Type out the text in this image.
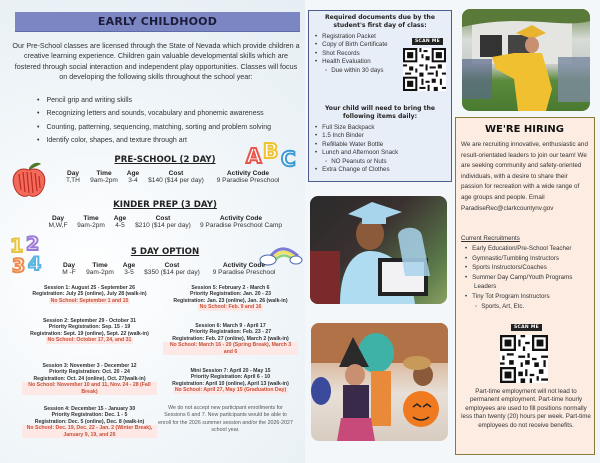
EARLY CHILDHOOD

Our Pre-School classes are licensed through the State of Nevada which provide children a creative learning experience. Children gain valuable developmental skills which are fostered through social interaction and independent play opportunities. Classes will focus on developing the following skills throughout the school year:

• Pencil grip and writing skills
• Recognizing letters and sounds, vocabulary and phonemic awareness
• Counting, patterning, sequencing, matching, sorting and problem solving
• Identify color, shapes, and texture through art
A B C
1 2
3 4
PRE-SCHOOL (2 DAY)
Day	Time	Age	Cost	Activity Code
T,TH	9am-2pm	3-4	$140 ($14 per day)	9 Paradise Preschool
KINDER PREP (3 DAY)
Day	Time	Age	Cost	Activity Code
M,W,F	9am-2pm	4-5	$210 ($14 per day)	9 Paradise Preschool Camp
5 DAY OPTION
Day	Time	Age	Cost	Activity Code
M -F	9am-2pm	3-5	$350 ($14 per day)	9 Paradise Preschool
Session 1: August 25 - September 26
Registration: July 25 (online), July 28 (walk-in)
No School: September 1 and 15
Session 2: September 29 - October 31
Priority Registration: Sep. 15 - 19
Registration: Sept. 19 (online), Sept. 22 (walk-in)
No School: October 17, 24, and 31
Session 3: November 3 - December 12
Priority Registration: Oct. 20 - 24
Registration: Oct. 24 (online), Oct. 27(walk-in)
No School: November 10 and 11, Nov. 24 - 28 (Fall Break)
Session 4: December 15 - January 30
Priority Registration: Dec. 1 - 5
Registration: Dec. 5 (online), Dec. 8 (walk-in)
No School: Dec. 19, Dec. 22 - Jan. 2 (Winter Break), January 9, 19, and 26
Session 5: February 2 - March 6
Priority Registration: Jan. 20 - 23
Registration: Jan. 23 (online), Jan. 26 (walk-in)
No School: Feb. 9 and 16
Session 6: March 9 - April 17
Priority Registration: Feb. 23 - 27
Registration: Feb. 27 (online), March 2 (walk-in)
No School: March 16 - 20 (Spring Break), March 3 and 6
Mini Session 7: April 20 - May 15
Priority Registration: April 6 - 10
Registration: April 10 (online), April 13 (walk-in)
No School: April 27, May 15 (Graduation Day)

We do not accept new participant enrollments for Sessions 6 and 7. New participants would be able to enroll for the 2026 summer session and/or the 2026-2027 school year.

Required documents due by the student's first day of class:
• Registration Packet
• Copy of Birth Certificate
• Shot Records
• Health Evaluation
◦ Due within 30 days
SCAN ME
Your child will need to bring the following items daily:
• Full Size Backpack
• 1.5 Inch Binder
• Refillable Water Bottle
• Lunch and Afternoon Snack
◦ NO Peanuts or Nuts
• Extra Change of Clothes
WE'RE HIRING

We are recruiting innovative, enthusiastic and result-orientated leaders to join our team! We are seeking community and safety-oriented individuals, with a desire to share their passion for recreation with a wide range of age groups and people. Email ParadiseRec@clarkcountynv.gov

Current Recruitments
• Early Education/Pre-School Teacher
• Gymnastic/Tumbling Instructors
• Sports Instructors/Coaches
• Summer Day Camp/Youth Programs Leaders
• Tiny Tot Program Instructors
◦ Sports, Art, Etc.
SCAN ME

Part-time employment will not lead to permanent employment. Part-time hourly employees are used to fill positions normally less than twenty (20) hours per week. Part-time employees do not receive benefits.
